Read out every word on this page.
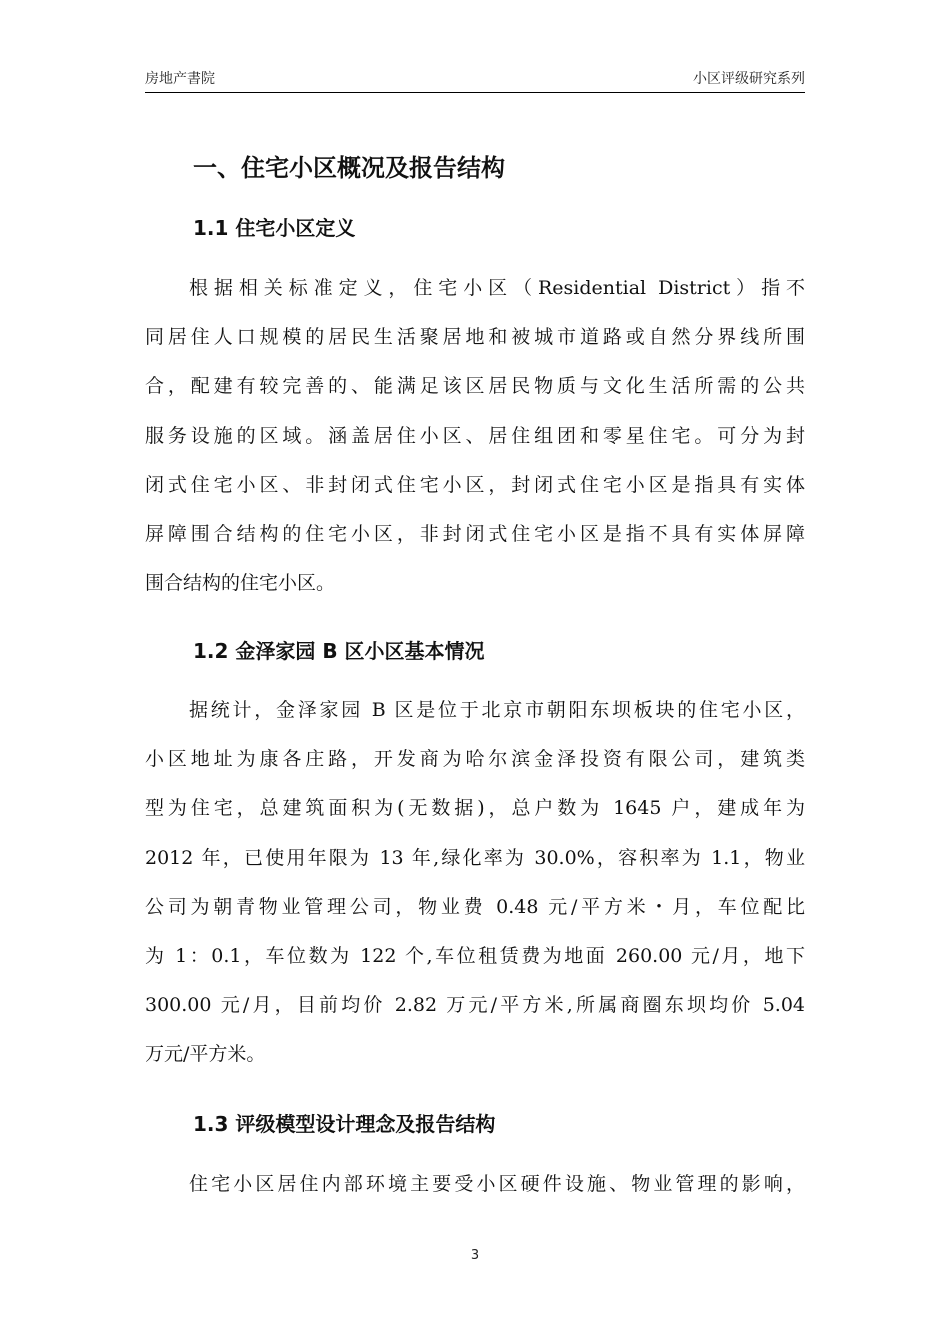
房地产書院	小区评级研究系列
一、住宅小区概况及报告结构
1.1 住宅小区定义
根据相关标准定义，住宅小区（Residential District）指不
同居住人口规模的居民生活聚居地和被城市道路或自然分界线所围
合，配建有较完善的、能满足该区居民物质与文化生活所需的公共
服务设施的区域。涵盖居住小区、居住组团和零星住宅。可分为封
闭式住宅小区、非封闭式住宅小区，封闭式住宅小区是指具有实体
屏障围合结构的住宅小区，非封闭式住宅小区是指不具有实体屏障
围合结构的住宅小区。
1.2 金泽家园 B 区小区基本情况
据统计，金泽家园 B 区是位于北京市朝阳东坝板块的住宅小区，
小区地址为康各庄路，开发商为哈尔滨金泽投资有限公司，建筑类
型为住宅，总建筑面积为(无数据)，总户数为 1645 户，建成年为
2012 年，已使用年限为 13 年,绿化率为 30.0%，容积率为 1.1，物业
公司为朝青物业管理公司，物业费 0.48 元/平方米・月，车位配比
为 1：0.1，车位数为 122 个,车位租赁费为地面 260.00 元/月，地下
300.00 元/月，目前均价 2.82 万元/平方米,所属商圈东坝均价 5.04
万元/平方米。
1.3 评级模型设计理念及报告结构
住宅小区居住内部环境主要受小区硬件设施、物业管理的影响，
3
